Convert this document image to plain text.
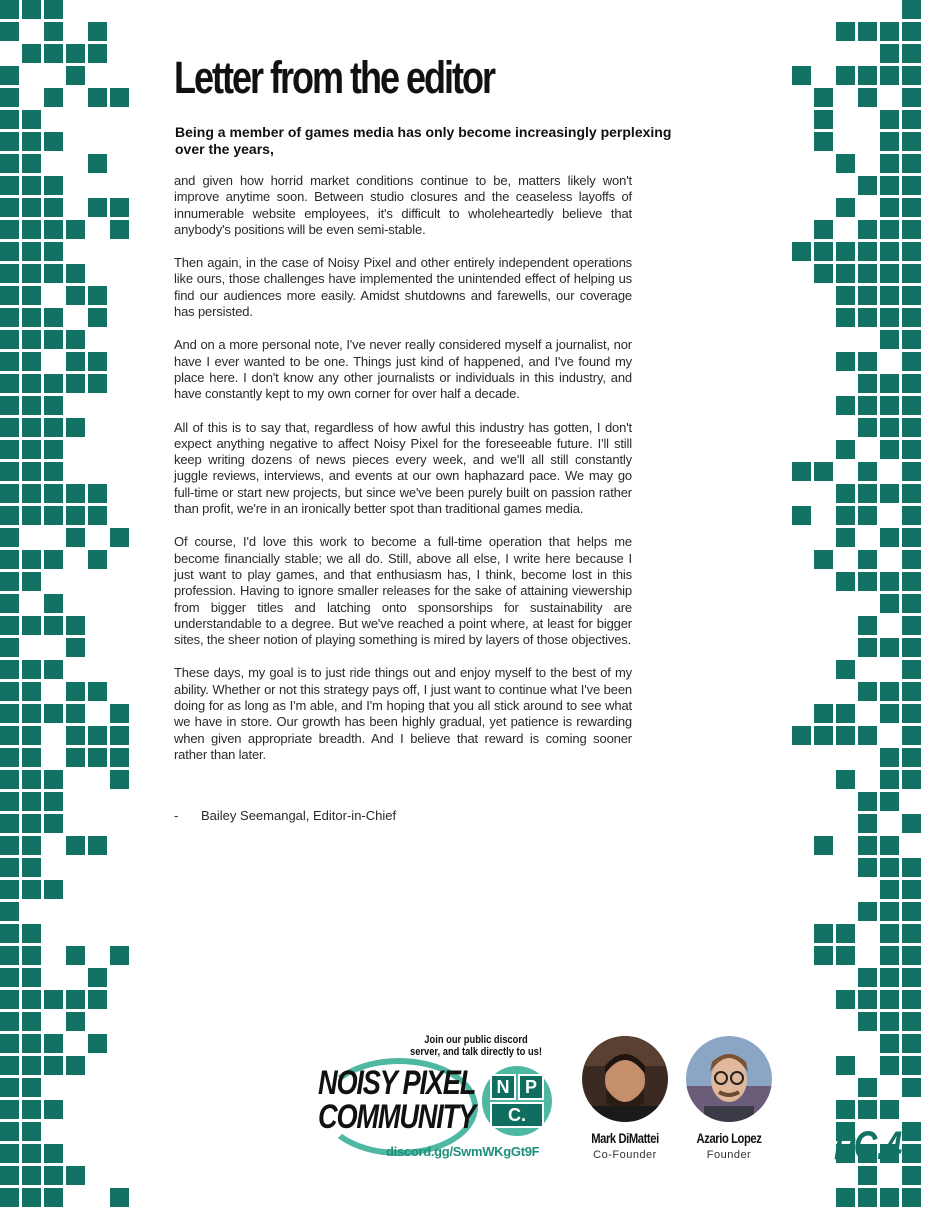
Letter from the editor
Being a member of games media has only become increasingly perplexing over the years,

and given how horrid market conditions continue to be, matters likely won't improve anytime soon. Between studio closures and the ceaseless layoffs of innumerable website employees, it's difficult to wholeheartedly believe that anybody's positions will be even semi-stable.

Then again, in the case of Noisy Pixel and other entirely independent operations like ours, those challenges have implemented the unintended effect of helping us find our audiences more easily. Amidst shutdowns and farewells, our coverage has persisted.

And on a more personal note, I've never really considered myself a journalist, nor have I ever wanted to be one. Things just kind of happened, and I've found my place here. I don't know any other journalists or individuals in this industry, and have constantly kept to my own corner for over half a decade.

All of this is to say that, regardless of how awful this industry has gotten, I don't expect anything negative to affect Noisy Pixel for the foreseeable future. I'll still keep writing dozens of news pieces every week, and we'll all still constantly juggle reviews, interviews, and events at our own haphazard pace. We may go full-time or start new projects, but since we've been purely built on passion rather than profit, we're in an ironically better spot than traditional games media.

Of course, I'd love this work to become a full-time operation that helps me become financially stable; we all do. Still, above all else, I write here because I just want to play games, and that enthusiasm has, I think, become lost in this profession. Having to ignore smaller releases for the sake of attaining viewership from bigger titles and latching onto sponsorships for sustainability are understandable to a degree. But we've reached a point where, at least for bigger sites, the sheer notion of playing something is mired by layers of those objectives.

These days, my goal is to just ride things out and enjoy myself to the best of my ability. Whether or not this strategy pays off, I just want to continue what I've been doing for as long as I'm able, and I'm hoping that you all stick around to see what we have in store. Our growth has been highly gradual, yet patience is rewarding when given appropriate breadth. And I believe that reward is coming sooner rather than later.

- Bailey Seemangal, Editor-in-Chief
Join our public discord server, and talk directly to us!
NOISY PIXEL
COMMUNITY
N P
C.
discord.gg/SwmWKgGt9F
Mark DiMattei
Co-Founder
Azario Lopez
Founder	PG.4
